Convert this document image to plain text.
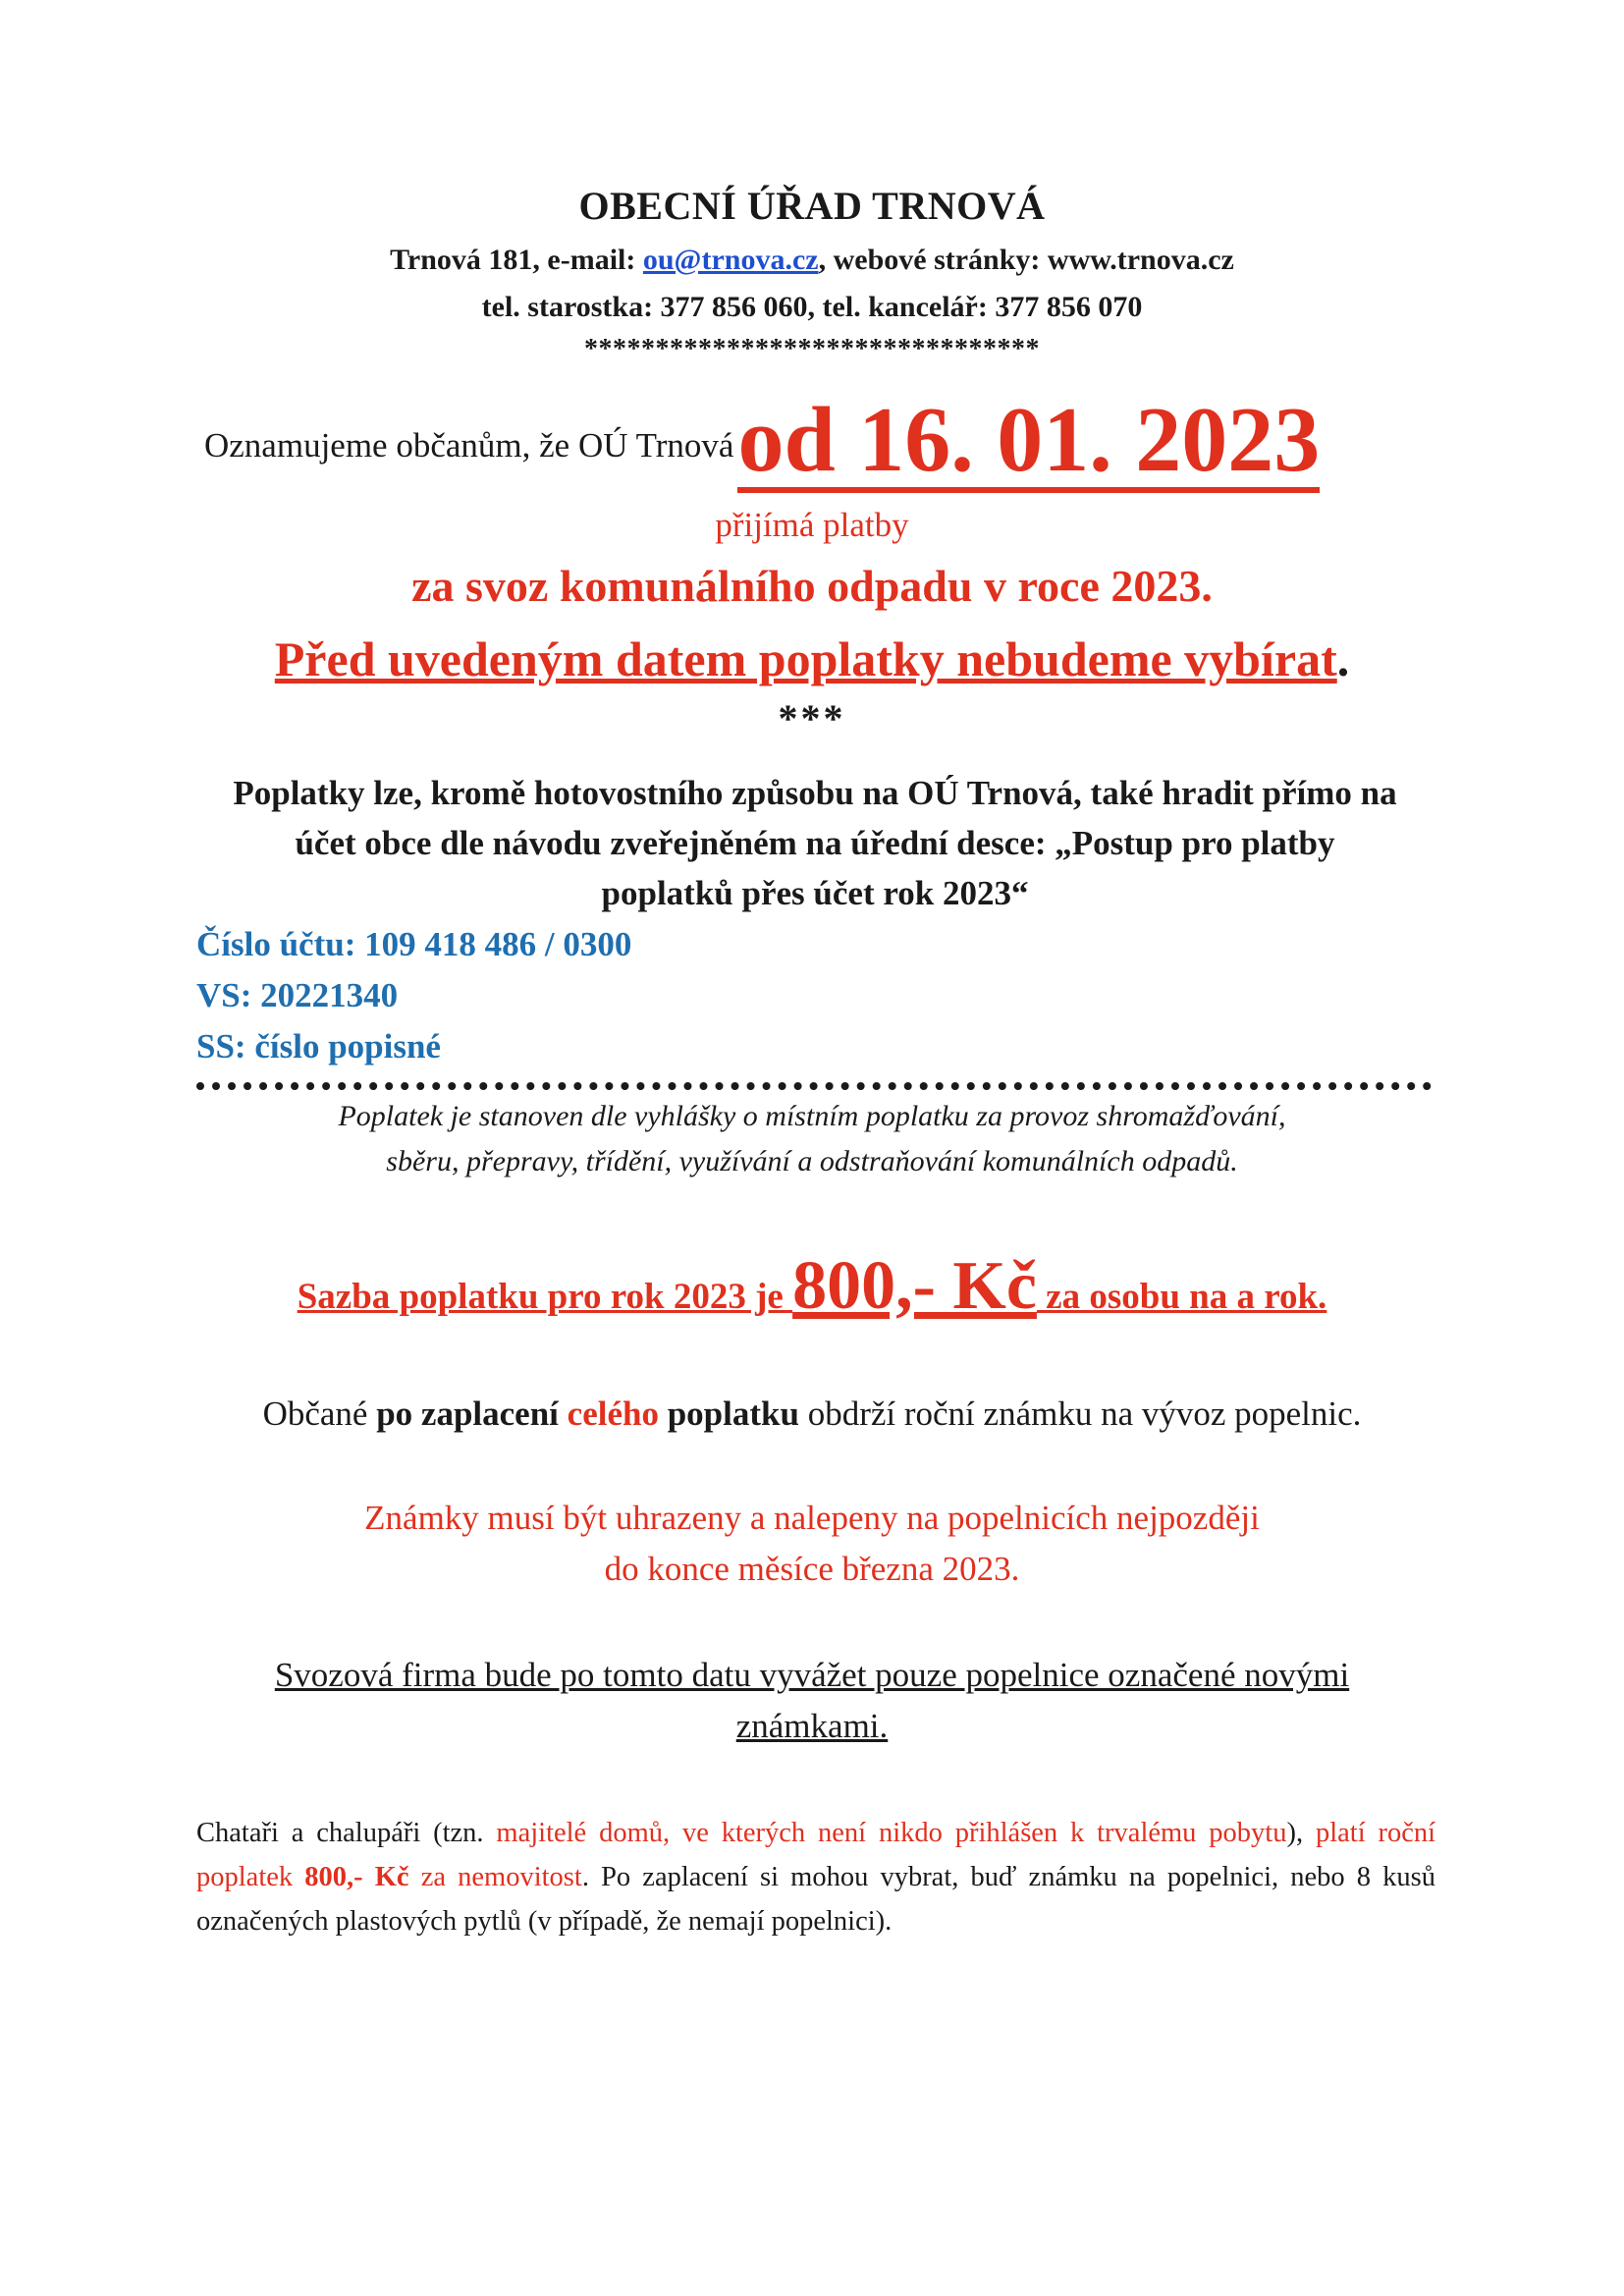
OBECNÍ ÚŘAD TRNOVÁ
Trnová 181, e-mail: ou@trnova.cz, webové stránky: www.trnova.cz
tel. starostka: 377 856 060, tel. kancelář: 377 856 070
********************************
Oznamujeme občanům, že OÚ Trnová od 16. 01. 2023
přijímá platby
za svoz komunálního odpadu v roce 2023.
Před uvedeným datem poplatky nebudeme vybírat.
***
Poplatky lze, kromě hotovostního způsobu na OÚ Trnová, také hradit přímo na účet obce dle návodu zveřejněném na úřední desce: „Postup pro platby poplatků přes účet rok 2023“
Číslo účtu: 109 418 486 / 0300
VS: 20221340
SS: číslo popisné
Poplatek je stanoven dle vyhlášky o místním poplatku za provoz shromažďování,
sběru, přepravy, třídění, využívání a odstraňování komunálních odpadů.
Sazba poplatku pro rok 2023 je 800,- Kč za osobu na a rok.
Občané po zaplacení celého poplatku obdrží roční známku na vývoz popelnic.
Známky musí být uhrazeny a nalepeny na popelnicích nejpozději
do konce měsíce března 2023.
Svozová firma bude po tomto datu vyvážet pouze popelnice označené novými
známkami.
Chataři a chalupáři (tzn. majitelé domů, ve kterých není nikdo přihlášen k trvalému pobytu), platí roční poplatek 800,- Kč za nemovitost. Po zaplacení si mohou vybrat, buď známku na popelnici, nebo 8 kusů označených plastových pytlů (v případě, že nemají popelnici).
